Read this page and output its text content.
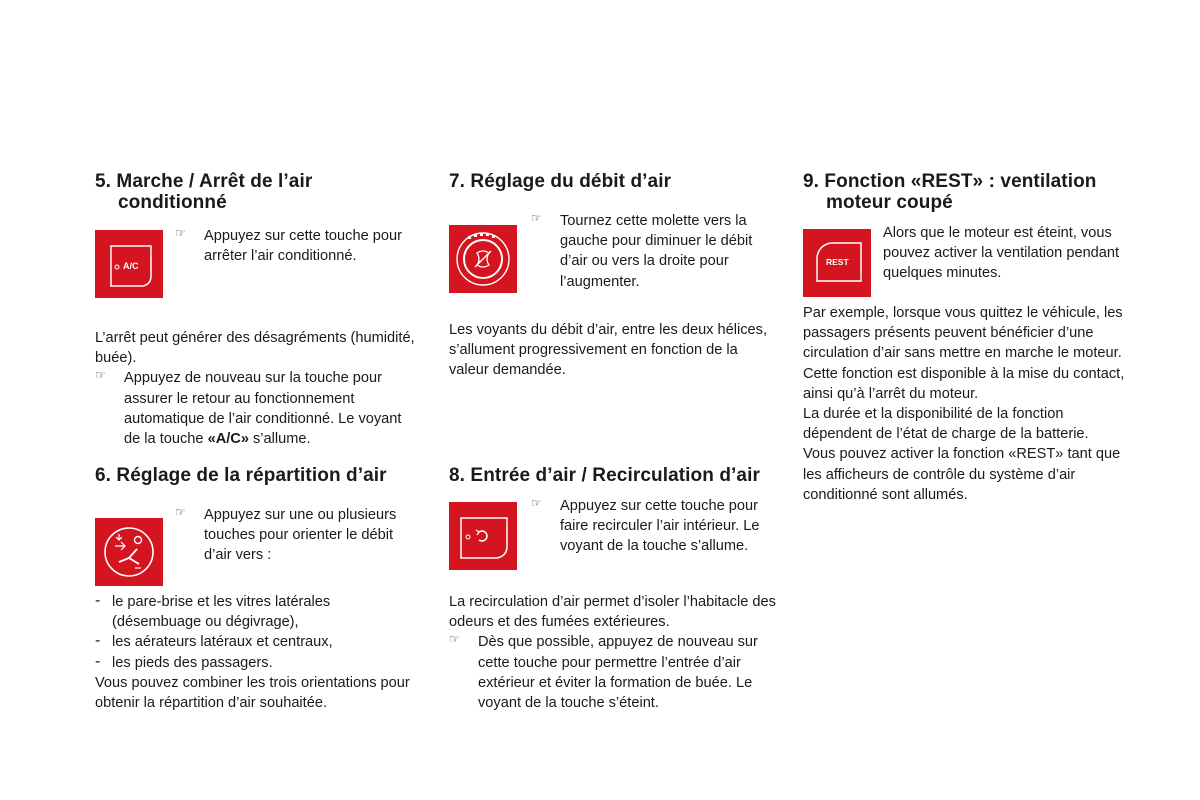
5. Marche / Arrêt de l’air conditionné
A/C
☞ Appuyez sur cette touche pour arrêter l’air conditionné.

L’arrêt peut générer des désagréments (humidité, buée).

☞ Appuyez de nouveau sur la touche pour assurer le retour au fonctionnement automatique de l’air conditionné. Le voyant de la touche «A/C» s’allume.

6. Réglage de la répartition d’air
☞ Appuyez sur une ou plusieurs touches pour orienter le débit d’air vers :

- le pare-brise et les vitres latérales (désembuage ou dégivrage),

- les aérateurs latéraux et centraux,

- les pieds des passagers.

Vous pouvez combiner les trois orientations pour obtenir la répartition d’air souhaitée.

7. Réglage du débit d’air
☞ Tournez cette molette vers la gauche pour diminuer le débit d’air ou vers la droite pour l’augmenter.

Les voyants du débit d’air, entre les deux hélices, s’allument progressivement en fonction de la valeur demandée.

8. Entrée d’air / Recirculation d’air
☞ Appuyez sur cette touche pour faire recirculer l’air intérieur. Le voyant de la touche s’allume.

La recirculation d’air permet d’isoler l’habitacle des odeurs et des fumées extérieures.

☞ Dès que possible, appuyez de nouveau sur cette touche pour permettre l’entrée d’air extérieur et éviter la formation de buée. Le voyant de la touche s’éteint.

9. Fonction «REST» : ventilation moteur coupé
REST

Alors que le moteur est éteint, vous pouvez activer la ventilation pendant quelques minutes.

Par exemple, lorsque vous quittez le véhicule, les passagers présents peuvent bénéficier d’une circulation d’air sans mettre en marche le moteur.

Cette fonction est disponible à la mise du contact, ainsi qu’à l’arrêt du moteur.

La durée et la disponibilité de la fonction dépendent de l’état de charge de la batterie.

Vous pouvez activer la fonction «REST» tant que les afficheurs de contrôle du système d’air conditionné sont allumés.
